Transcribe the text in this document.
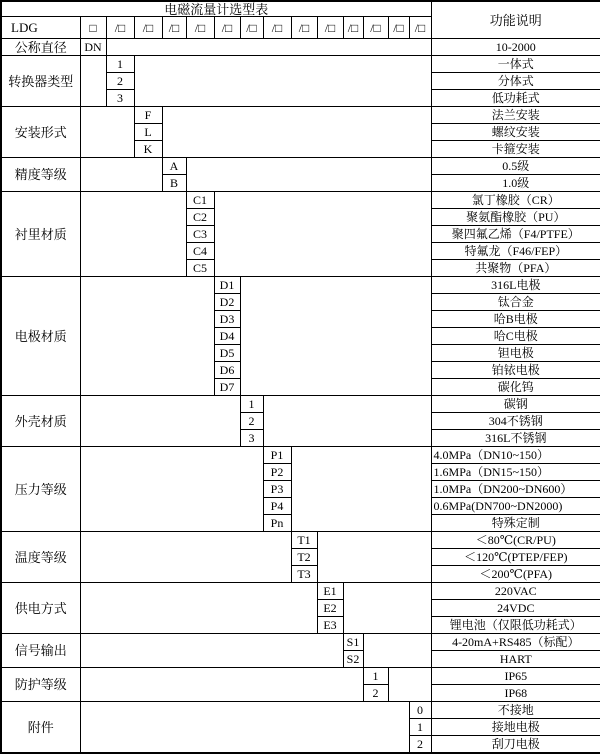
电磁流量计选型表															功能说明
LDG	□	/□	/□	/□	/□	/□	/□	/□	/□	/□	/□	/□	/□	/□	
公称直径	DN														10-2000
转换器类型		1													一体式
		2													分体式
		3													低功耗式
安装形式			F												法兰安装
			L												螺纹安装
			K												卡箍安装
精度等级				A											0.5级
				B											1.0级
衬里材质					C1										氯丁橡胶（CR）
					C2										聚氨酯橡胶（PU）
					C3										聚四氟乙烯（F4/PTFE）
					C4										特氟龙（F46/FEP）
					C5										共聚物（PFA）
电极材质						D1									316L电极
						D2									钛合金
						D3									哈B电极
						D4									哈C电极
						D5									钽电极
						D6									铂铱电极
						D7									碳化钨
外壳材质							1								碳钢
							2								304不锈钢
							3								316L不锈钢
压力等级								P1							4.0MPa（DN10~150）
								P2							1.6MPa（DN15~150）
								P3							1.0MPa（DN200~DN600）
								P4							0.6MPa(DN700~DN2000)
								Pn							特殊定制
温度等级									T1						＜80℃(CR/PU)
									T2						＜120℃(PTEP/FEP)
									T3						＜200℃(PFA)
供电方式										E1					220VAC
										E2					24VDC
										E3					锂电池（仅限低功耗式）
信号输出											S1				4-20mA+RS485（标配）
											S2				HART
防护等级												1			IP65
												2			IP68
附件														0	不接地
														1	接地电极
														2	刮刀电极
